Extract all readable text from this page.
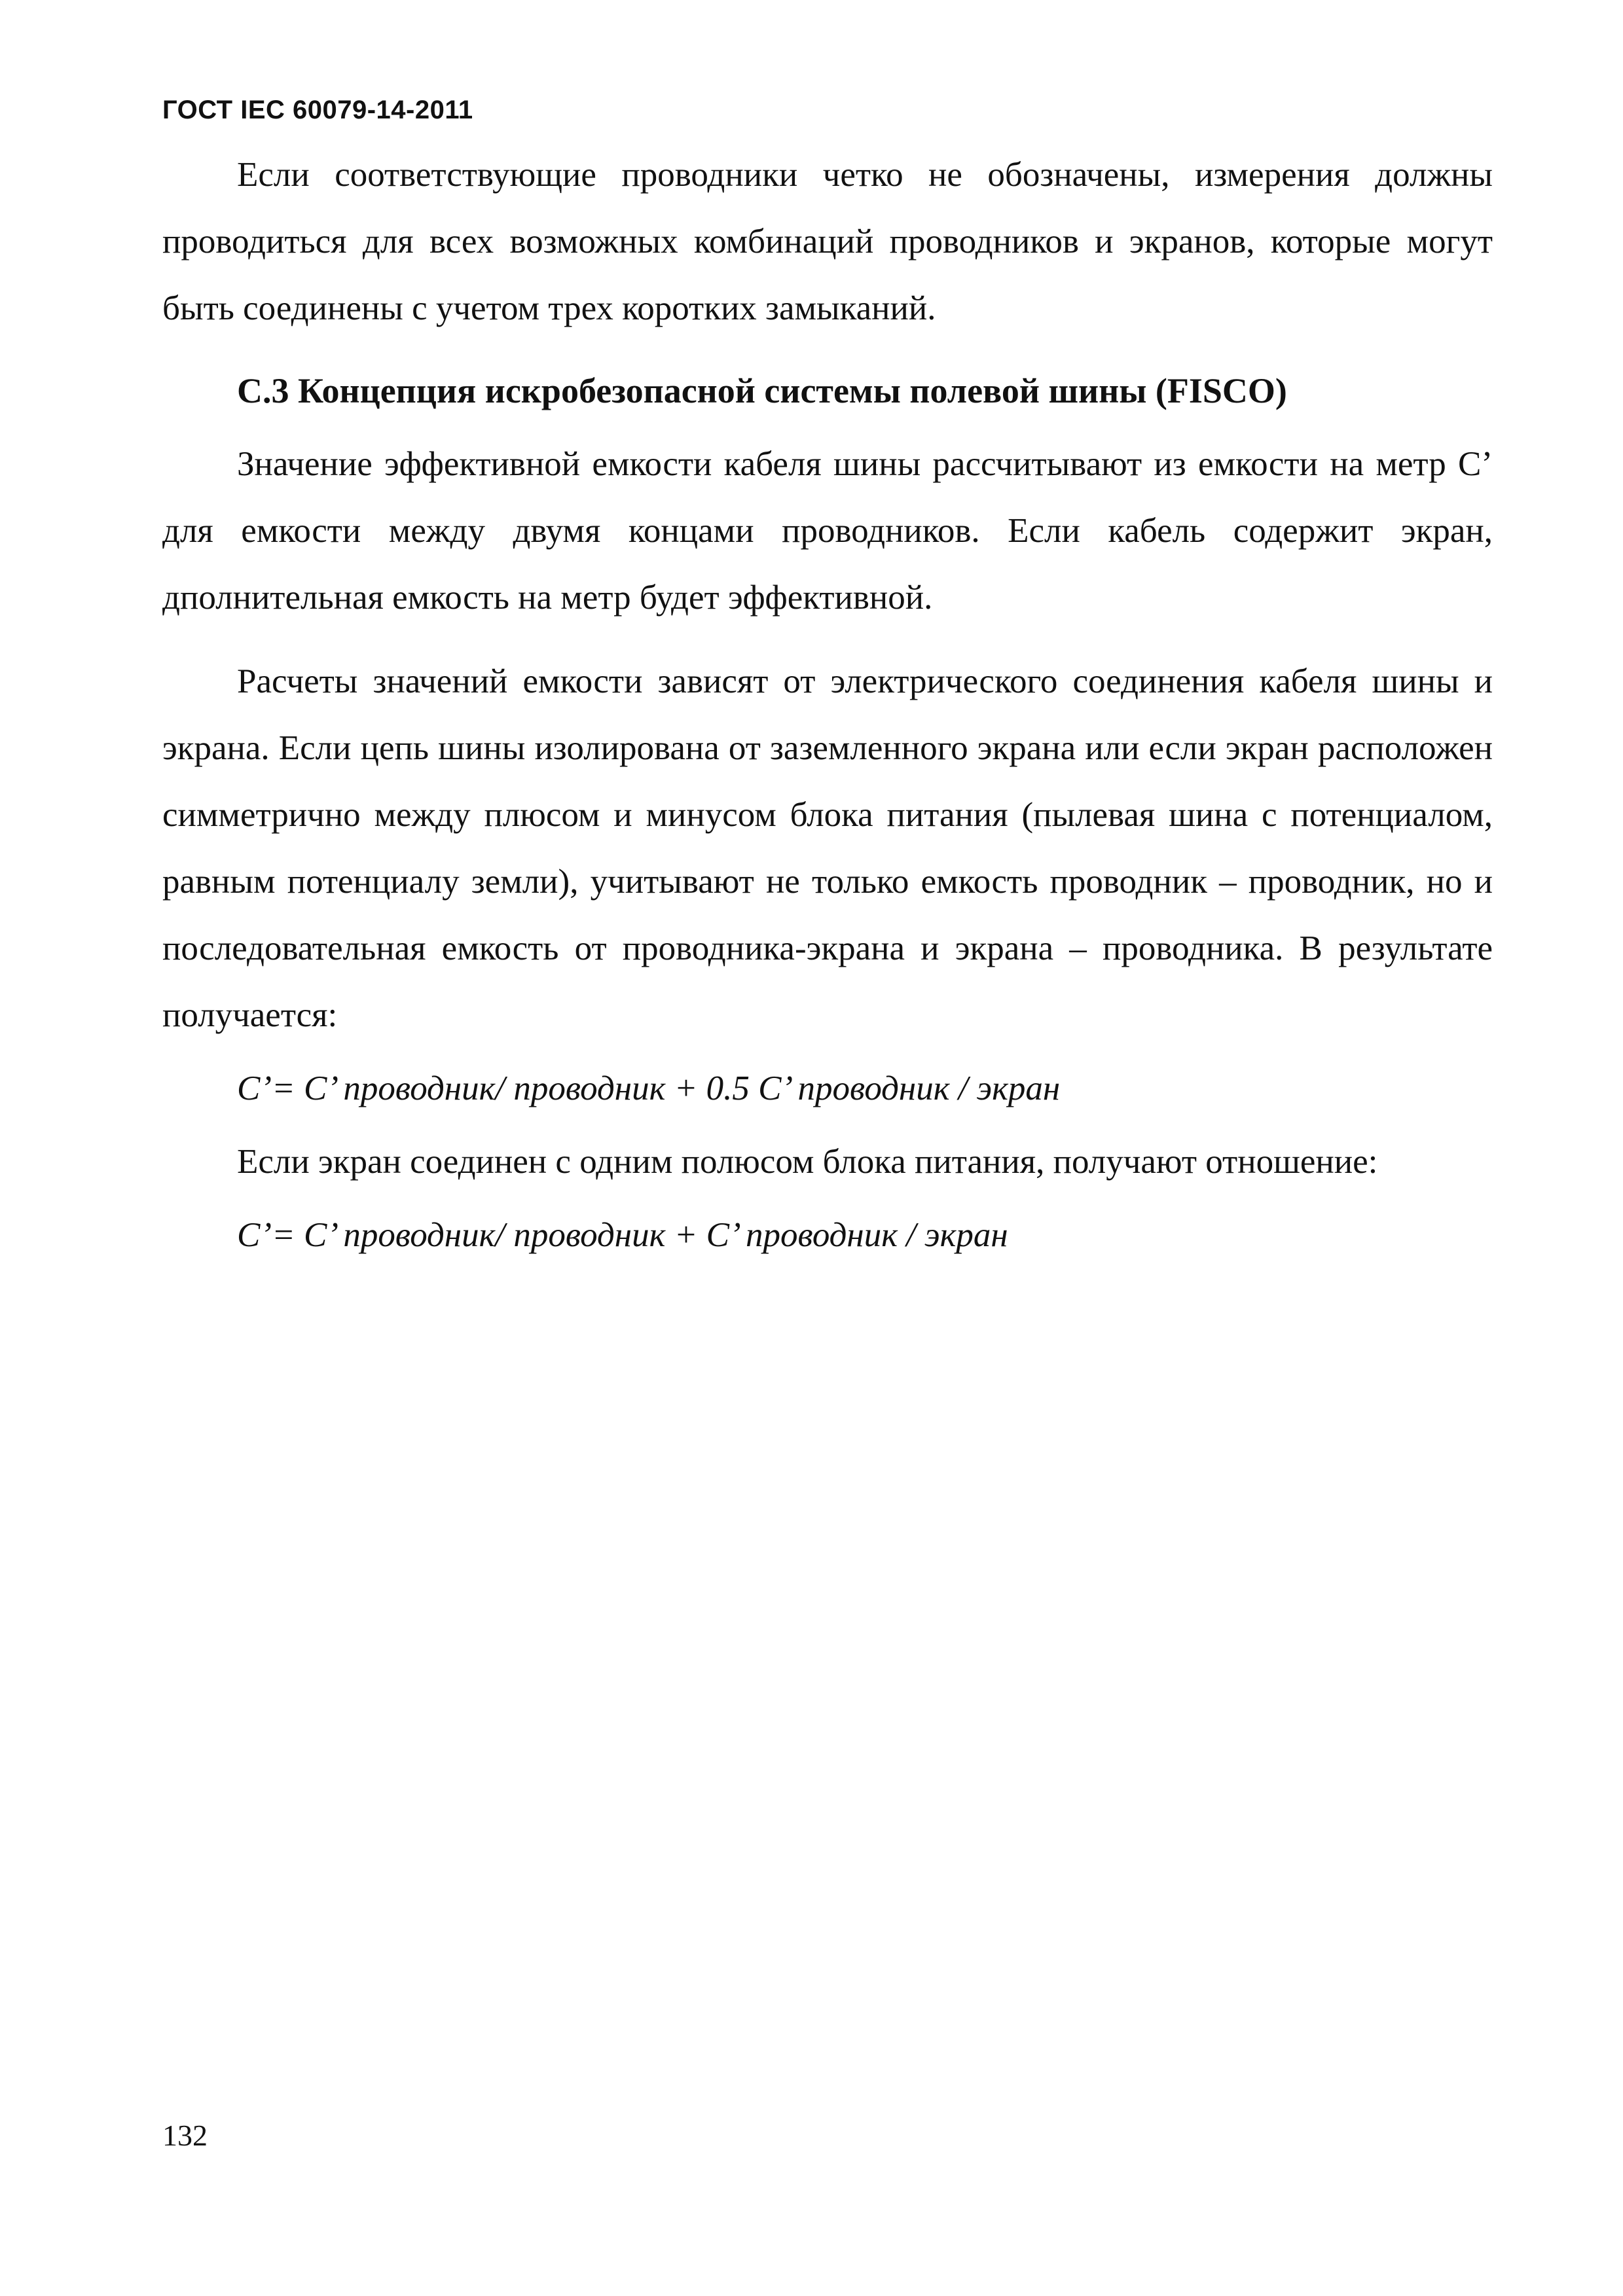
ГОСТ IEC 60079-14-2011

Если соответствующие проводники четко не обозначены, измерения должны проводиться для всех возможных комбинаций проводников и экранов, которые могут быть соединены с учетом трех коротких замыканий.

С.3 Концепция искробезопасной системы полевой шины (FISCO)

Значение эффективной емкости кабеля шины рассчитывают из емкости на метр С’ для емкости между двумя концами проводников. Если кабель содержит экран, дполнительная емкость на метр будет эффективной.

Расчеты значений емкости зависят от электрического соединения кабеля шины и экрана. Если цепь шины изолирована от заземленного экрана или если экран расположен симметрично между плюсом и минусом блока питания (пылевая шина с потенциалом, равным потенциалу земли), учитывают не только емкость проводник – проводник, но и последовательная емкость от проводника-экрана и экрана – проводника. В результате получается:

C’= C’ проводник/ проводник + 0.5 C’ проводник / экран

Если экран соединен с одним полюсом блока питания, получают отношение:

C’= C’ проводник/ проводник + C’ проводник / экран
132
